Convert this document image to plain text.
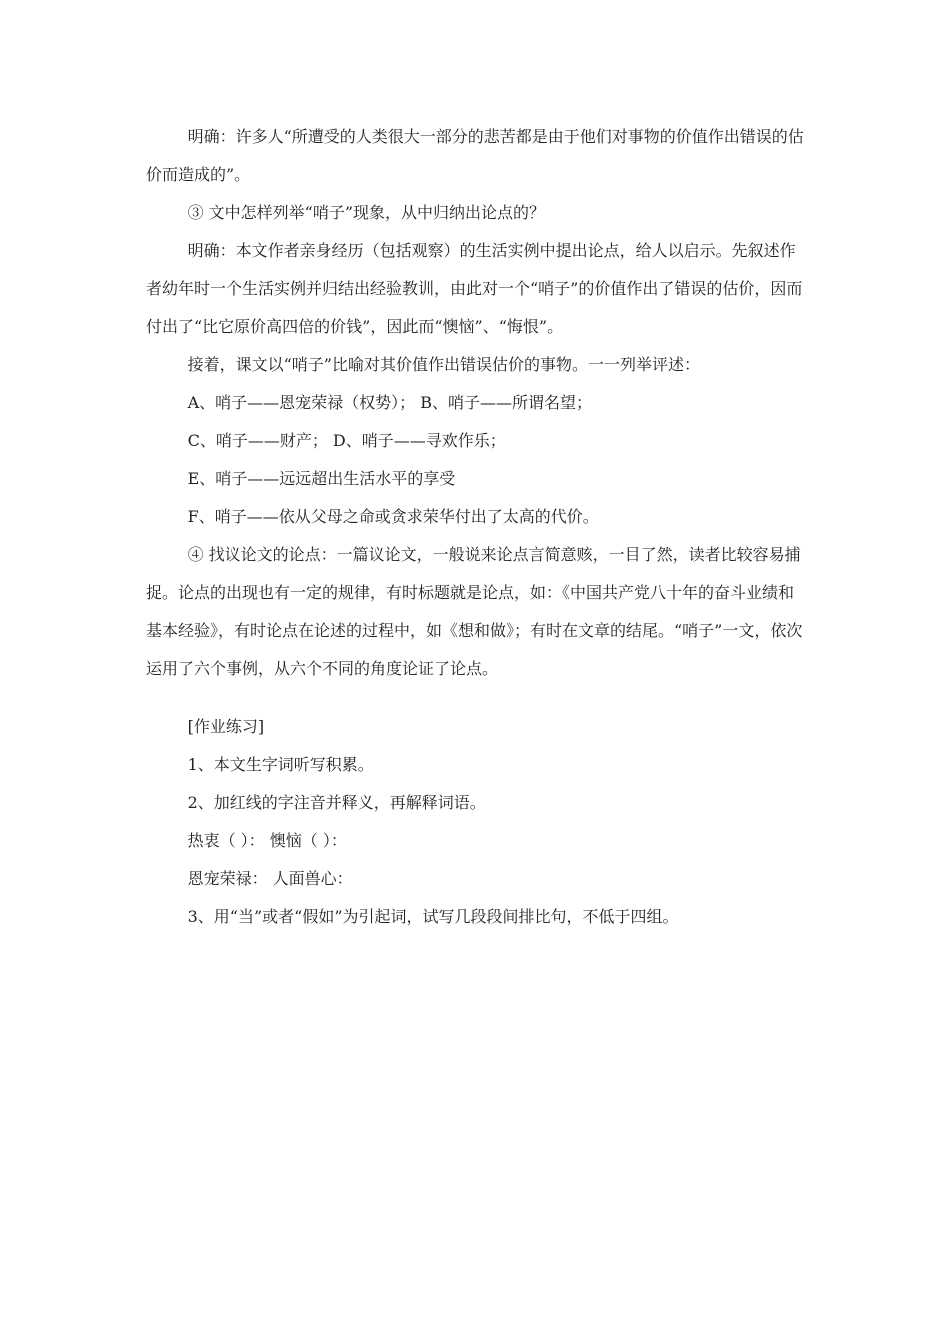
明确：许多人“所遭受的人类很大一部分的悲苦都是由于他们对事物的价值作出错误的估价而造成的”。

③ 文中怎样列举“哨子”现象，从中归纳出论点的？

明确：本文作者亲身经历（包括观察）的生活实例中提出论点，给人以启示。先叙述作者幼年时一个生活实例并归结出经验教训，由此对一个“哨子”的价值作出了错误的估价，因而付出了“比它原价高四倍的价钱”，因此而“懊恼”、“悔恨”。

接着，课文以“哨子”比喻对其价值作出错误估价的事物。一一列举评述：

A、哨子——恩宠荣禄（权势）； B、哨子——所谓名望；

C、哨子——财产； D、哨子——寻欢作乐；

E、哨子——远远超出生活水平的享受

F、哨子——依从父母之命或贪求荣华付出了太高的代价。

④ 找议论文的论点：一篇议论文，一般说来论点言简意赅，一目了然，读者比较容易捕捉。论点的出现也有一定的规律，有时标题就是论点，如：《中国共产党八十年的奋斗业绩和基本经验》，有时论点在论述的过程中，如《想和做》；有时在文章的结尾。“哨子”一文，依次运用了六个事例，从六个不同的角度论证了论点。

[作业练习]

1、本文生字词听写积累。

2、加红线的字注音并释义，再解释词语。

热衷（ ）： 懊恼（ ）：

恩宠荣禄： 人面兽心：

3、用“当”或者“假如”为引起词，试写几段段间排比句，不低于四组。
